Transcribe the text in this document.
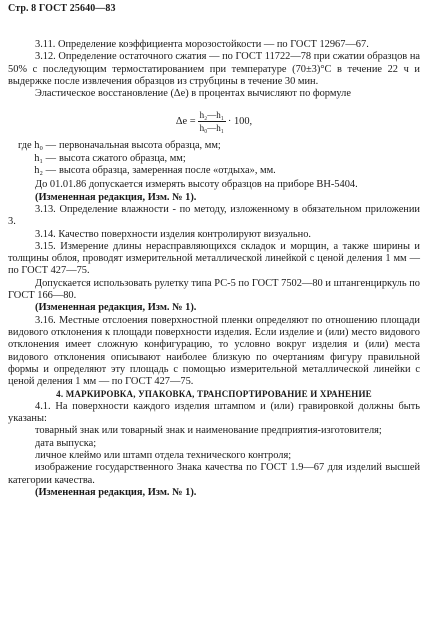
Стр. 8 ГОСТ 25640—83

3.11. Определение коэффициента морозостойкости — по ГОСТ 12967—67.

3.12. Определение остаточного сжатия — по ГОСТ 11722—78 при сжатии образцов на 50% с последующим термостатированием при температуре (70±3)°С в течение 22 ч и выдержке после извлечения образцов из струбцины в течение 30 мин.

Эластическое восстановление (Δе) в процентах вычисляют по формуле

$\Delta е = \frac{\text{h₂—h₁}}{\text{h₀—h₁}} \cdot 100$,
где h₀ — первоначальная высота образца, мм;
h₁ — высота сжатого образца, мм;
h₂ — высота образца, замеренная после «отдыха», мм.

До 01.01.86 допускается измерять высоту образцов на приборе ВН-5404.

(Измененная редакция, Изм. № 1).

3.13. Определение влажности - по методу, изложенному в обязательном приложении 3.

3.14. Качество поверхности изделия контролируют визуально.

3.15. Измерение длины нерасправляющихся складок и морщин, а также ширины и толщины облоя, проводят измерительной металлической линейкой с ценой деления 1 мм — по ГОСТ 427—75.

Допускается использовать рулетку типа РС-5 по ГОСТ 7502—80 и штангенциркуль по ГОСТ 166—80.

(Измененная редакция, Изм. № 1).

3.16. Местные отслоения поверхностной пленки определяют по отношению площади видового отклонения к площади поверхности изделия. Если изделие и (или) место видового отклонения имеет сложную конфигурацию, то условно вокруг изделия и (или) места видового отклонения описывают наиболее близкую по очертаниям фигуру правильной формы и определяют эту площадь с помощью измерительной металлической линейки с ценой деления 1 мм — по ГОСТ 427—75.

4. МАРКИРОВКА, УПАКОВКА, ТРАНСПОРТИРОВАНИЕ И ХРАНЕНИЕ

4.1. На поверхности каждого изделия штампом и (или) гравировкой должны быть указаны:

товарный знак или товарный знак и наименование предприятия-изготовителя;

дата выпуска;

личное клеймо или штамп отдела технического контроля;

изображение государственного Знака качества по ГОСТ 1.9—67 для изделий высшей категории качества.

(Измененная редакция, Изм. № 1).
